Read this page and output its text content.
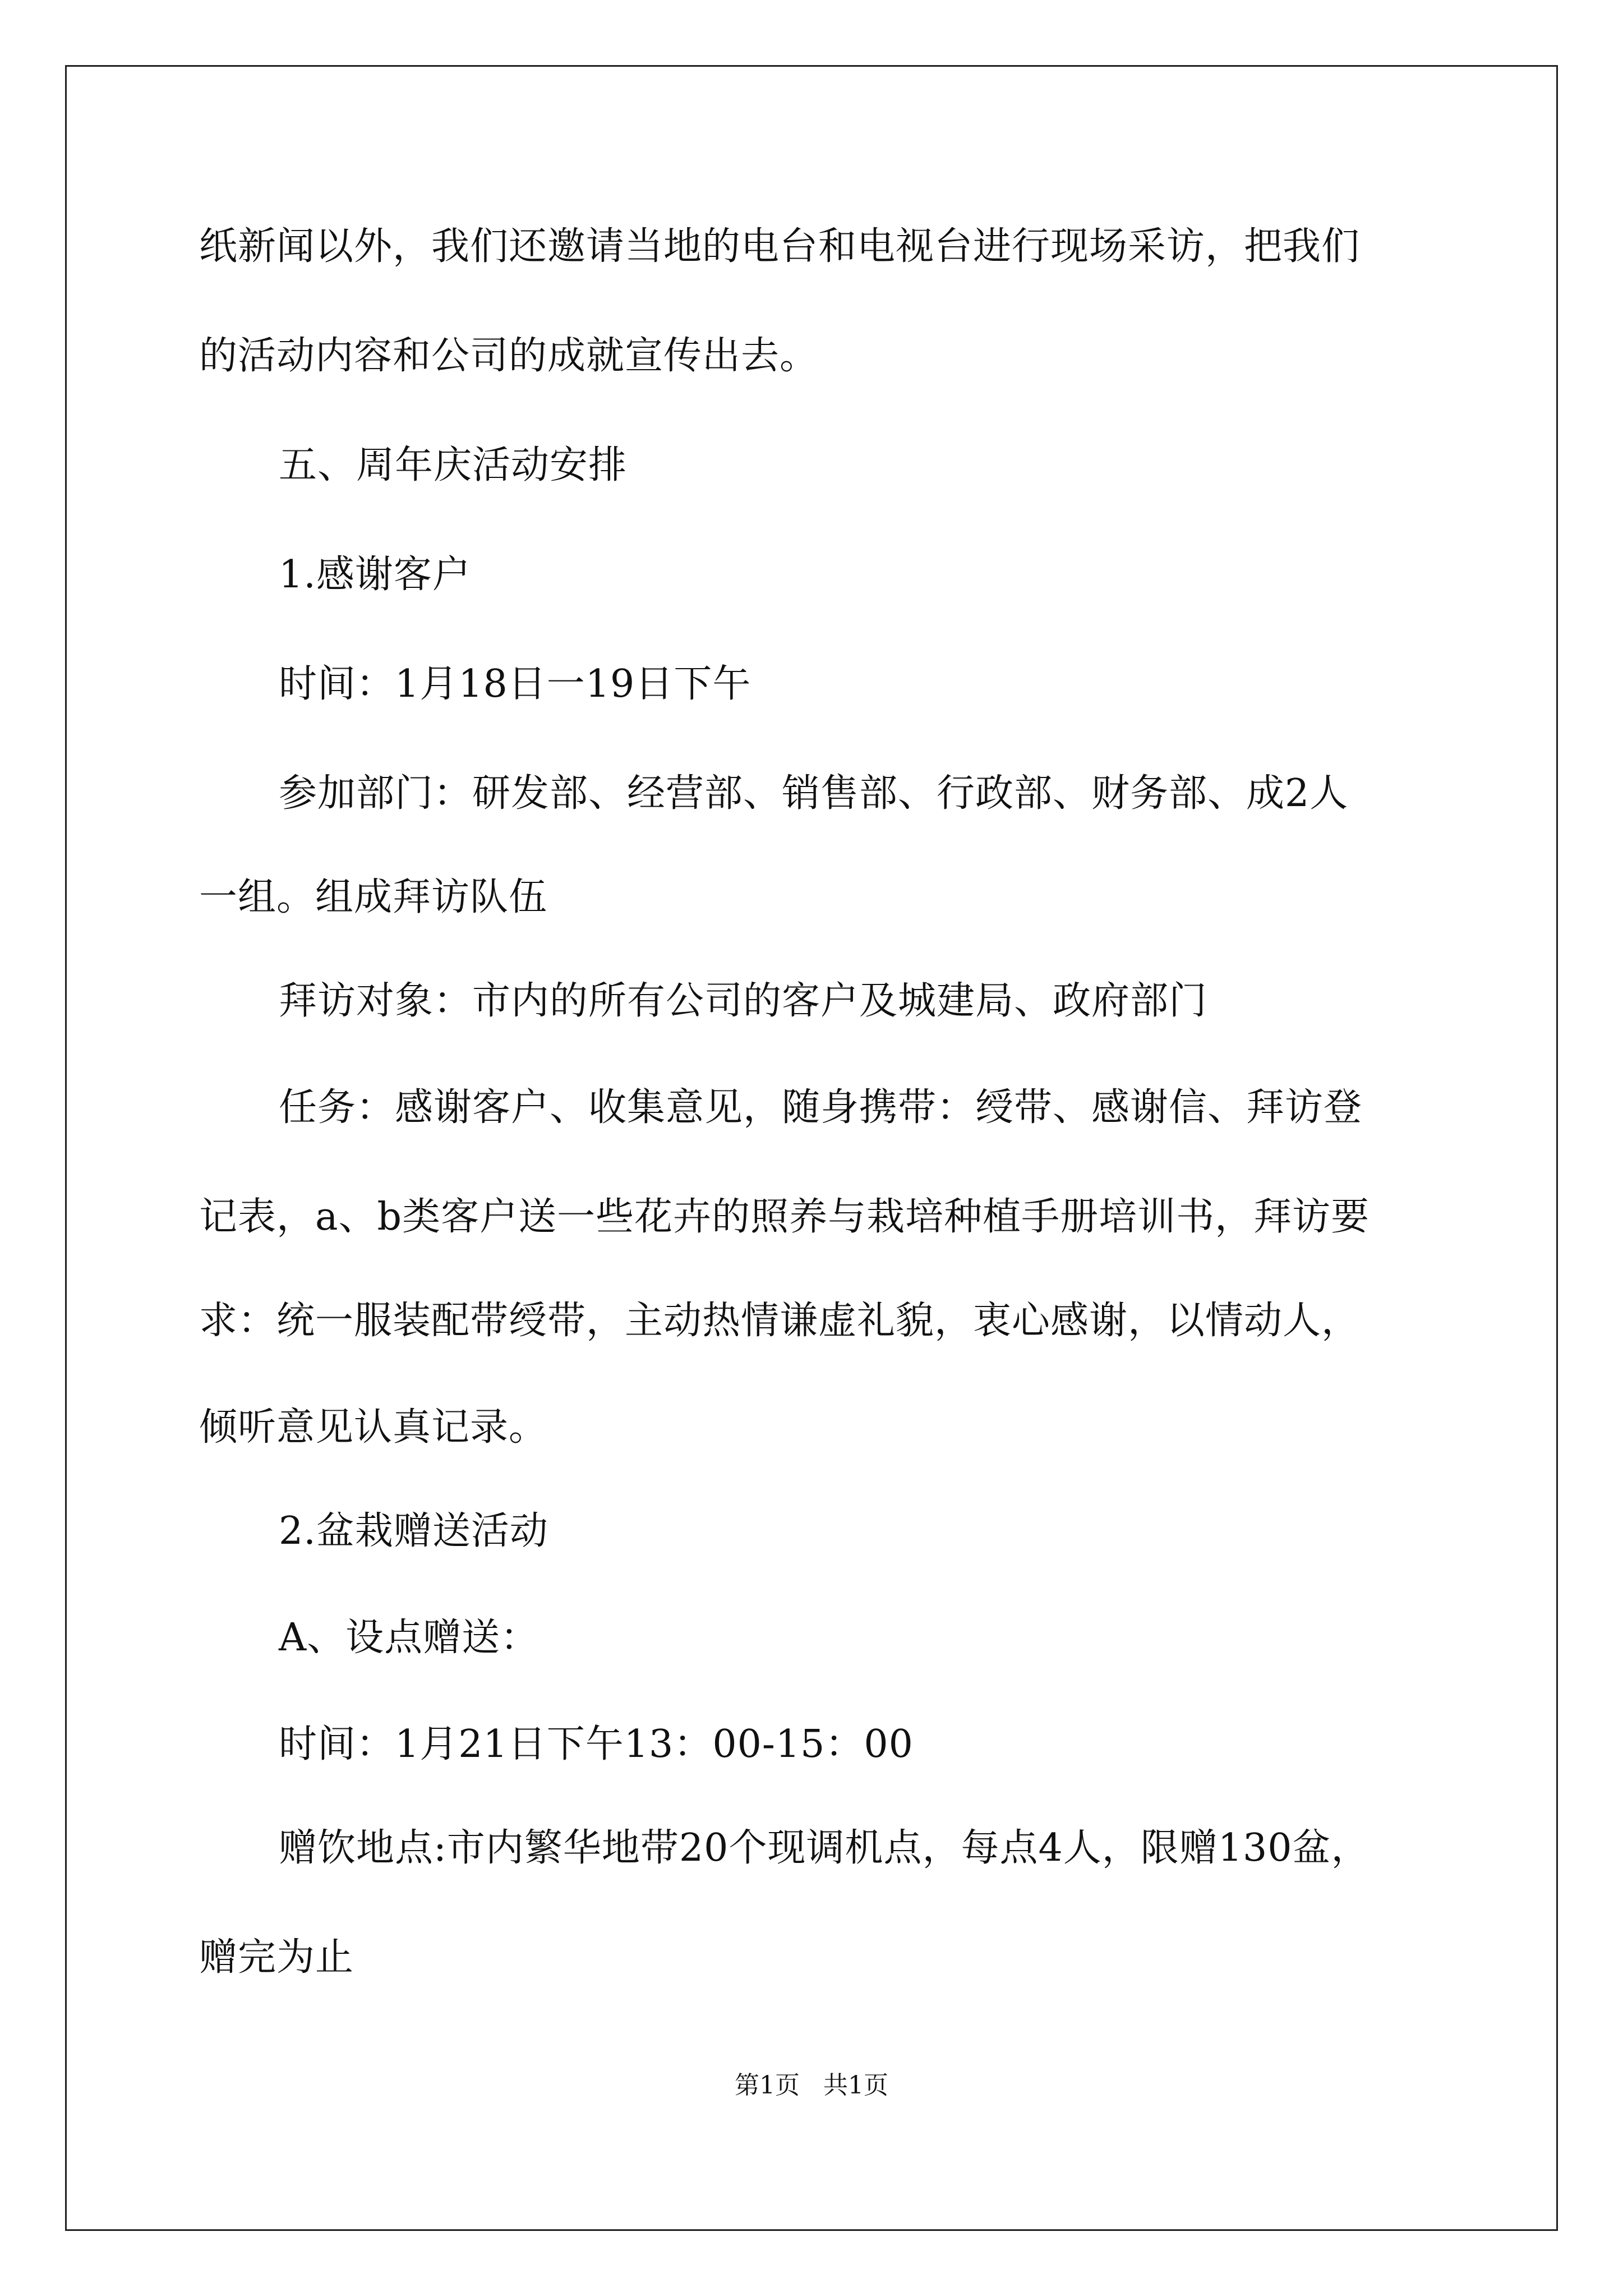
纸新闻以外，我们还邀请当地的电台和电视台进行现场采访，把我们
的活动内容和公司的成就宣传出去。
五、周年庆活动安排
1.感谢客户
时间：1月18日一19日下午
参加部门：研发部、经营部、销售部、行政部、财务部、成2人
一组。组成拜访队伍
拜访对象：市内的所有公司的客户及城建局、政府部门
任务：感谢客户、收集意见，随身携带：绶带、感谢信、拜访登
记表，a、b类客户送一些花卉的照养与栽培种植手册培训书，拜访要
求：统一服装配带绶带，主动热情谦虚礼貌，衷心感谢，以情动人，
倾听意见认真记录。
2.盆栽赠送活动
A、设点赠送：
时间：1月21日下午13：00-15：00
赠饮地点:市内繁华地带20个现调机点，每点4人，限赠130盆，
赠完为止
第1页   共1页
